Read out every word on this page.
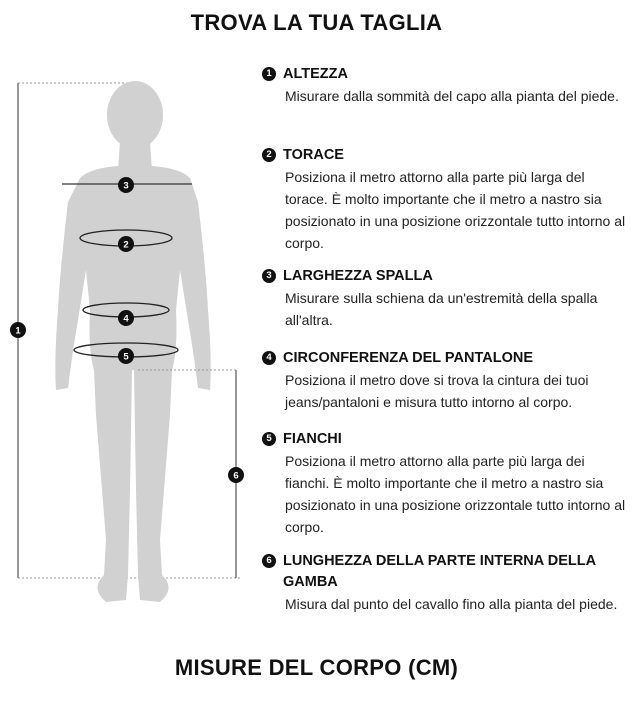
TROVA LA TUA TAGLIA
1
2
3
4
5
6
1 ALTEZZA
Misurare dalla sommità del capo alla pianta del piede.
2 TORACE
Posiziona il metro attorno alla parte più larga del torace. È molto importante che il metro a nastro sia posizionato in una posizione orizzontale tutto intorno al corpo.
3 LARGHEZZA SPALLA
Misurare sulla schiena da un'estremità della spalla all'altra.
4 CIRCONFERENZA DEL PANTALONE
Posiziona il metro dove si trova la cintura dei tuoi jeans/pantaloni e misura tutto intorno al corpo.
5 FIANCHI
Posiziona il metro attorno alla parte più larga dei fianchi. È molto importante che il metro a nastro sia posizionato in una posizione orizzontale tutto intorno al corpo.
6 LUNGHEZZA DELLA PARTE INTERNA DELLA GAMBA
Misura dal punto del cavallo fino alla pianta del piede.
MISURE DEL CORPO (CM)
